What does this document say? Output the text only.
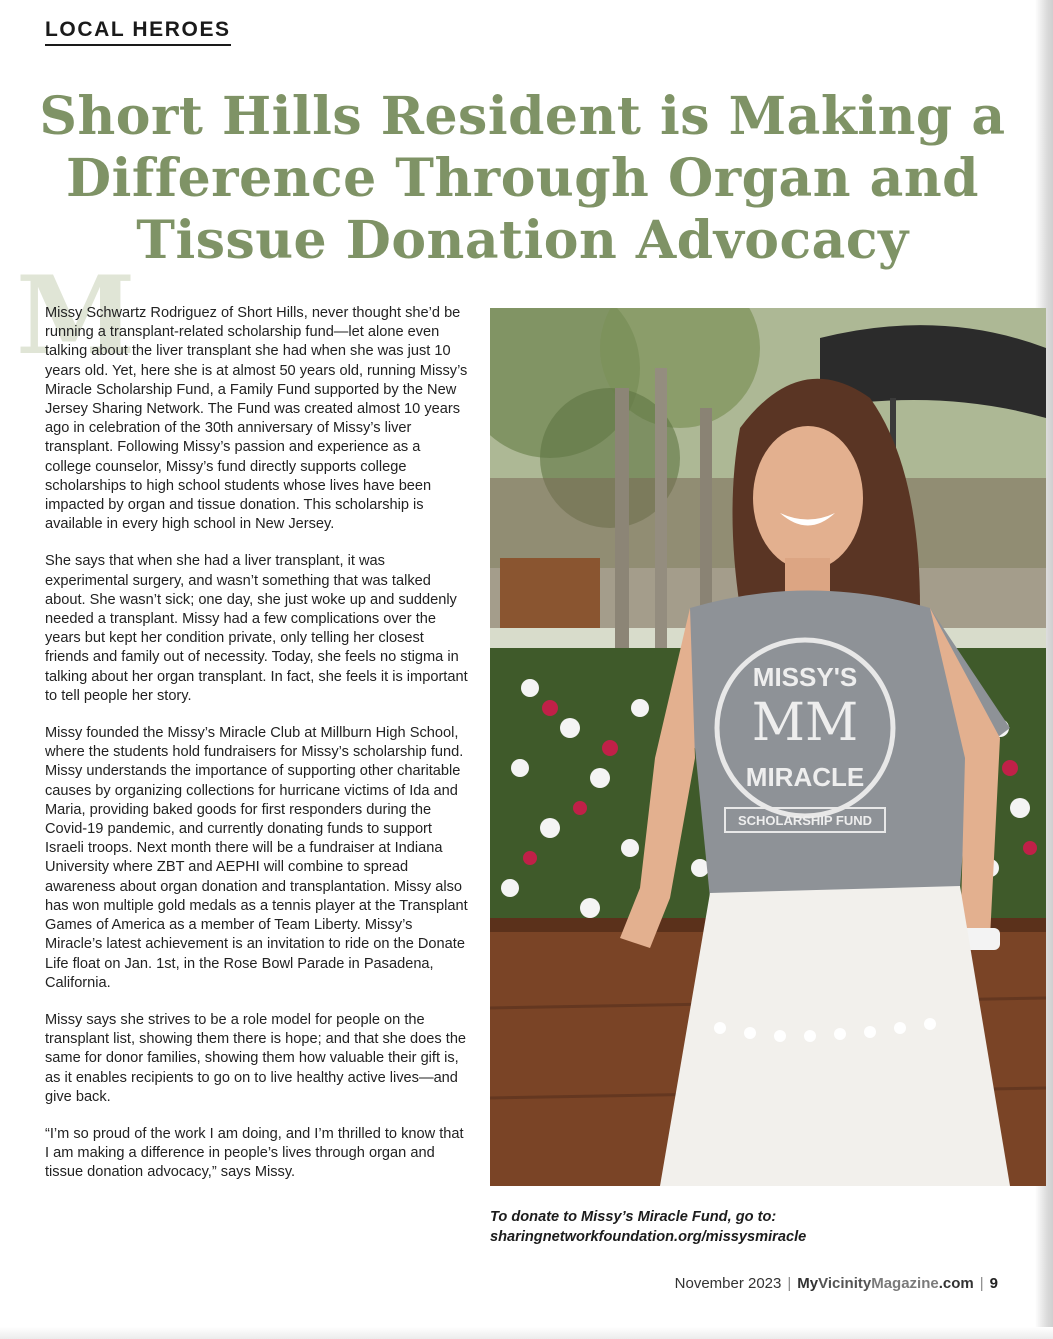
LOCAL HEROES
Short Hills Resident is Making a Difference Through Organ and Tissue Donation Advocacy
M

Missy Schwartz Rodriguez of Short Hills, never thought she’d be running a transplant-related scholarship fund—let alone even talking about the liver transplant she had when she was just 10 years old. Yet, here she is at almost 50 years old, running Missy’s Miracle Scholarship Fund, a Family Fund supported by the New Jersey Sharing Network. The Fund was created almost 10 years ago in celebration of the 30th anniversary of Missy’s liver transplant. Following Missy’s passion and experience as a college counselor, Missy’s fund directly supports college scholarships to high school students whose lives have been impacted by organ and tissue donation. This scholarship is available in every high school in New Jersey.

She says that when she had a liver transplant, it was experimental surgery, and wasn’t something that was talked about. She wasn’t sick; one day, she just woke up and suddenly needed a transplant. Missy had a few complications over the years but kept her condition private, only telling her closest friends and family out of necessity. Today, she feels no stigma in talking about her organ transplant. In fact, she feels it is important to tell people her story.

Missy founded the Missy’s Miracle Club at Millburn High School, where the students hold fundraisers for Missy’s scholarship fund. Missy understands the importance of supporting other charitable causes by organizing collections for hurricane victims of Ida and Maria, providing baked goods for first responders during the Covid-19 pandemic, and currently donating funds to support Israeli troops. Next month there will be a fundraiser at Indiana University where ZBT and AEPHI will combine to spread awareness about organ donation and transplantation. Missy also has won multiple gold medals as a tennis player at the Transplant Games of America as a member of Team Liberty. Missy’s Miracle’s latest achievement is an invitation to ride on the Donate Life float on Jan. 1st, in the Rose Bowl Parade in Pasadena, California.

Missy says she strives to be a role model for people on the transplant list, showing them there is hope; and that she does the same for donor families, showing them how valuable their gift is, as it enables recipients to go on to live healthy active lives—and give back.

“I’m so proud of the work I am doing, and I’m thrilled to know that I am making a difference in people’s lives through organ and tissue donation advocacy,” says Missy.

MISSY'S
MM
MIRACLE
SCHOLARSHIP FUND
To donate to Missy’s Miracle Fund, go to:
sharingnetworkfoundation.org/missysmiracle
November 2023 | MyVicinityMagazine.com | 9
